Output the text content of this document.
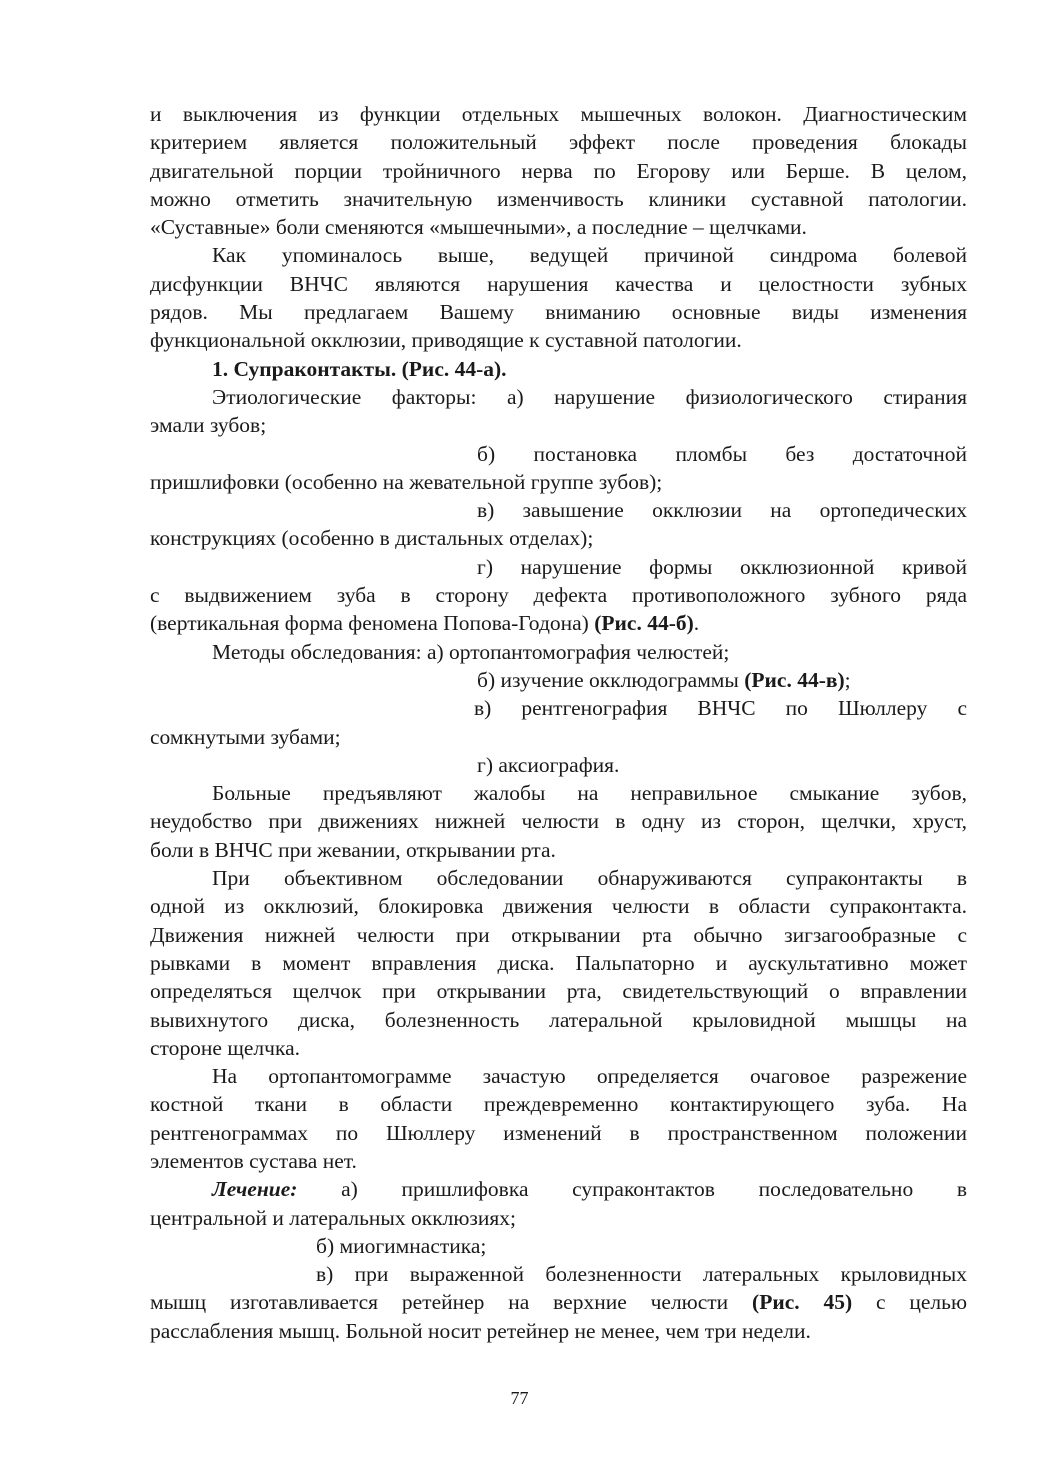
и выключения из функции отдельных мышечных волокон. Диагностическим
критерием является положительный эффект после проведения блокады
двигательной порции тройничного нерва по Егорову или Берше. В целом,
можно отметить значительную изменчивость клиники суставной патологии.
«Суставные» боли сменяются «мышечными», а последние – щелчками.
Как упоминалось выше, ведущей причиной синдрома болевой
дисфункции ВНЧС являются нарушения качества и целостности зубных
рядов. Мы предлагаем Вашему вниманию основные виды изменения
функциональной окклюзии, приводящие к суставной патологии.
1. Супраконтакты. (Рис. 44-а).
Этиологические факторы: а) нарушение физиологического стирания
эмали зубов;
б) постановка пломбы без достаточной
пришлифовки (особенно на жевательной группе зубов);
в) завышение окклюзии на ортопедических
конструкциях (особенно в дистальных отделах);
г) нарушение формы окклюзионной кривой
с выдвижением зуба в сторону дефекта противоположного зубного ряда
(вертикальная форма феномена Попова-Годона) (Рис. 44-б).
Методы обследования: а) ортопантомография челюстей;
б) изучение окклюдограммы (Рис. 44-в);
в) рентгенография ВНЧС по Шюллеру с
сомкнутыми зубами;
г) аксиография.
Больные предъявляют жалобы на неправильное смыкание зубов,
неудобство при движениях нижней челюсти в одну из сторон, щелчки, хруст,
боли в ВНЧС при жевании, открывании рта.
При объективном обследовании обнаруживаются супраконтакты в
одной из окклюзий, блокировка движения челюсти в области супраконтакта.
Движения нижней челюсти при открывании рта обычно зигзагообразные с
рывками в момент вправления диска. Пальпаторно и аускультативно может
определяться щелчок при открывании рта, свидетельствующий о вправлении
вывихнутого диска, болезненность латеральной крыловидной мышцы на
стороне щелчка.
На ортопантомограмме зачастую определяется очаговое разрежение
костной ткани в области преждевременно контактирующего зуба. На
рентгенограммах по Шюллеру изменений в пространственном положении
элементов сустава нет.
Лечение: а) пришлифовка супраконтактов последовательно в
центральной и латеральных окклюзиях;
б) миогимнастика;
в) при выраженной болезненности латеральных крыловидных
мышц изготавливается ретейнер на верхние челюсти (Рис. 45) с целью
расслабления мышц. Больной носит ретейнер не менее, чем три недели.
77
